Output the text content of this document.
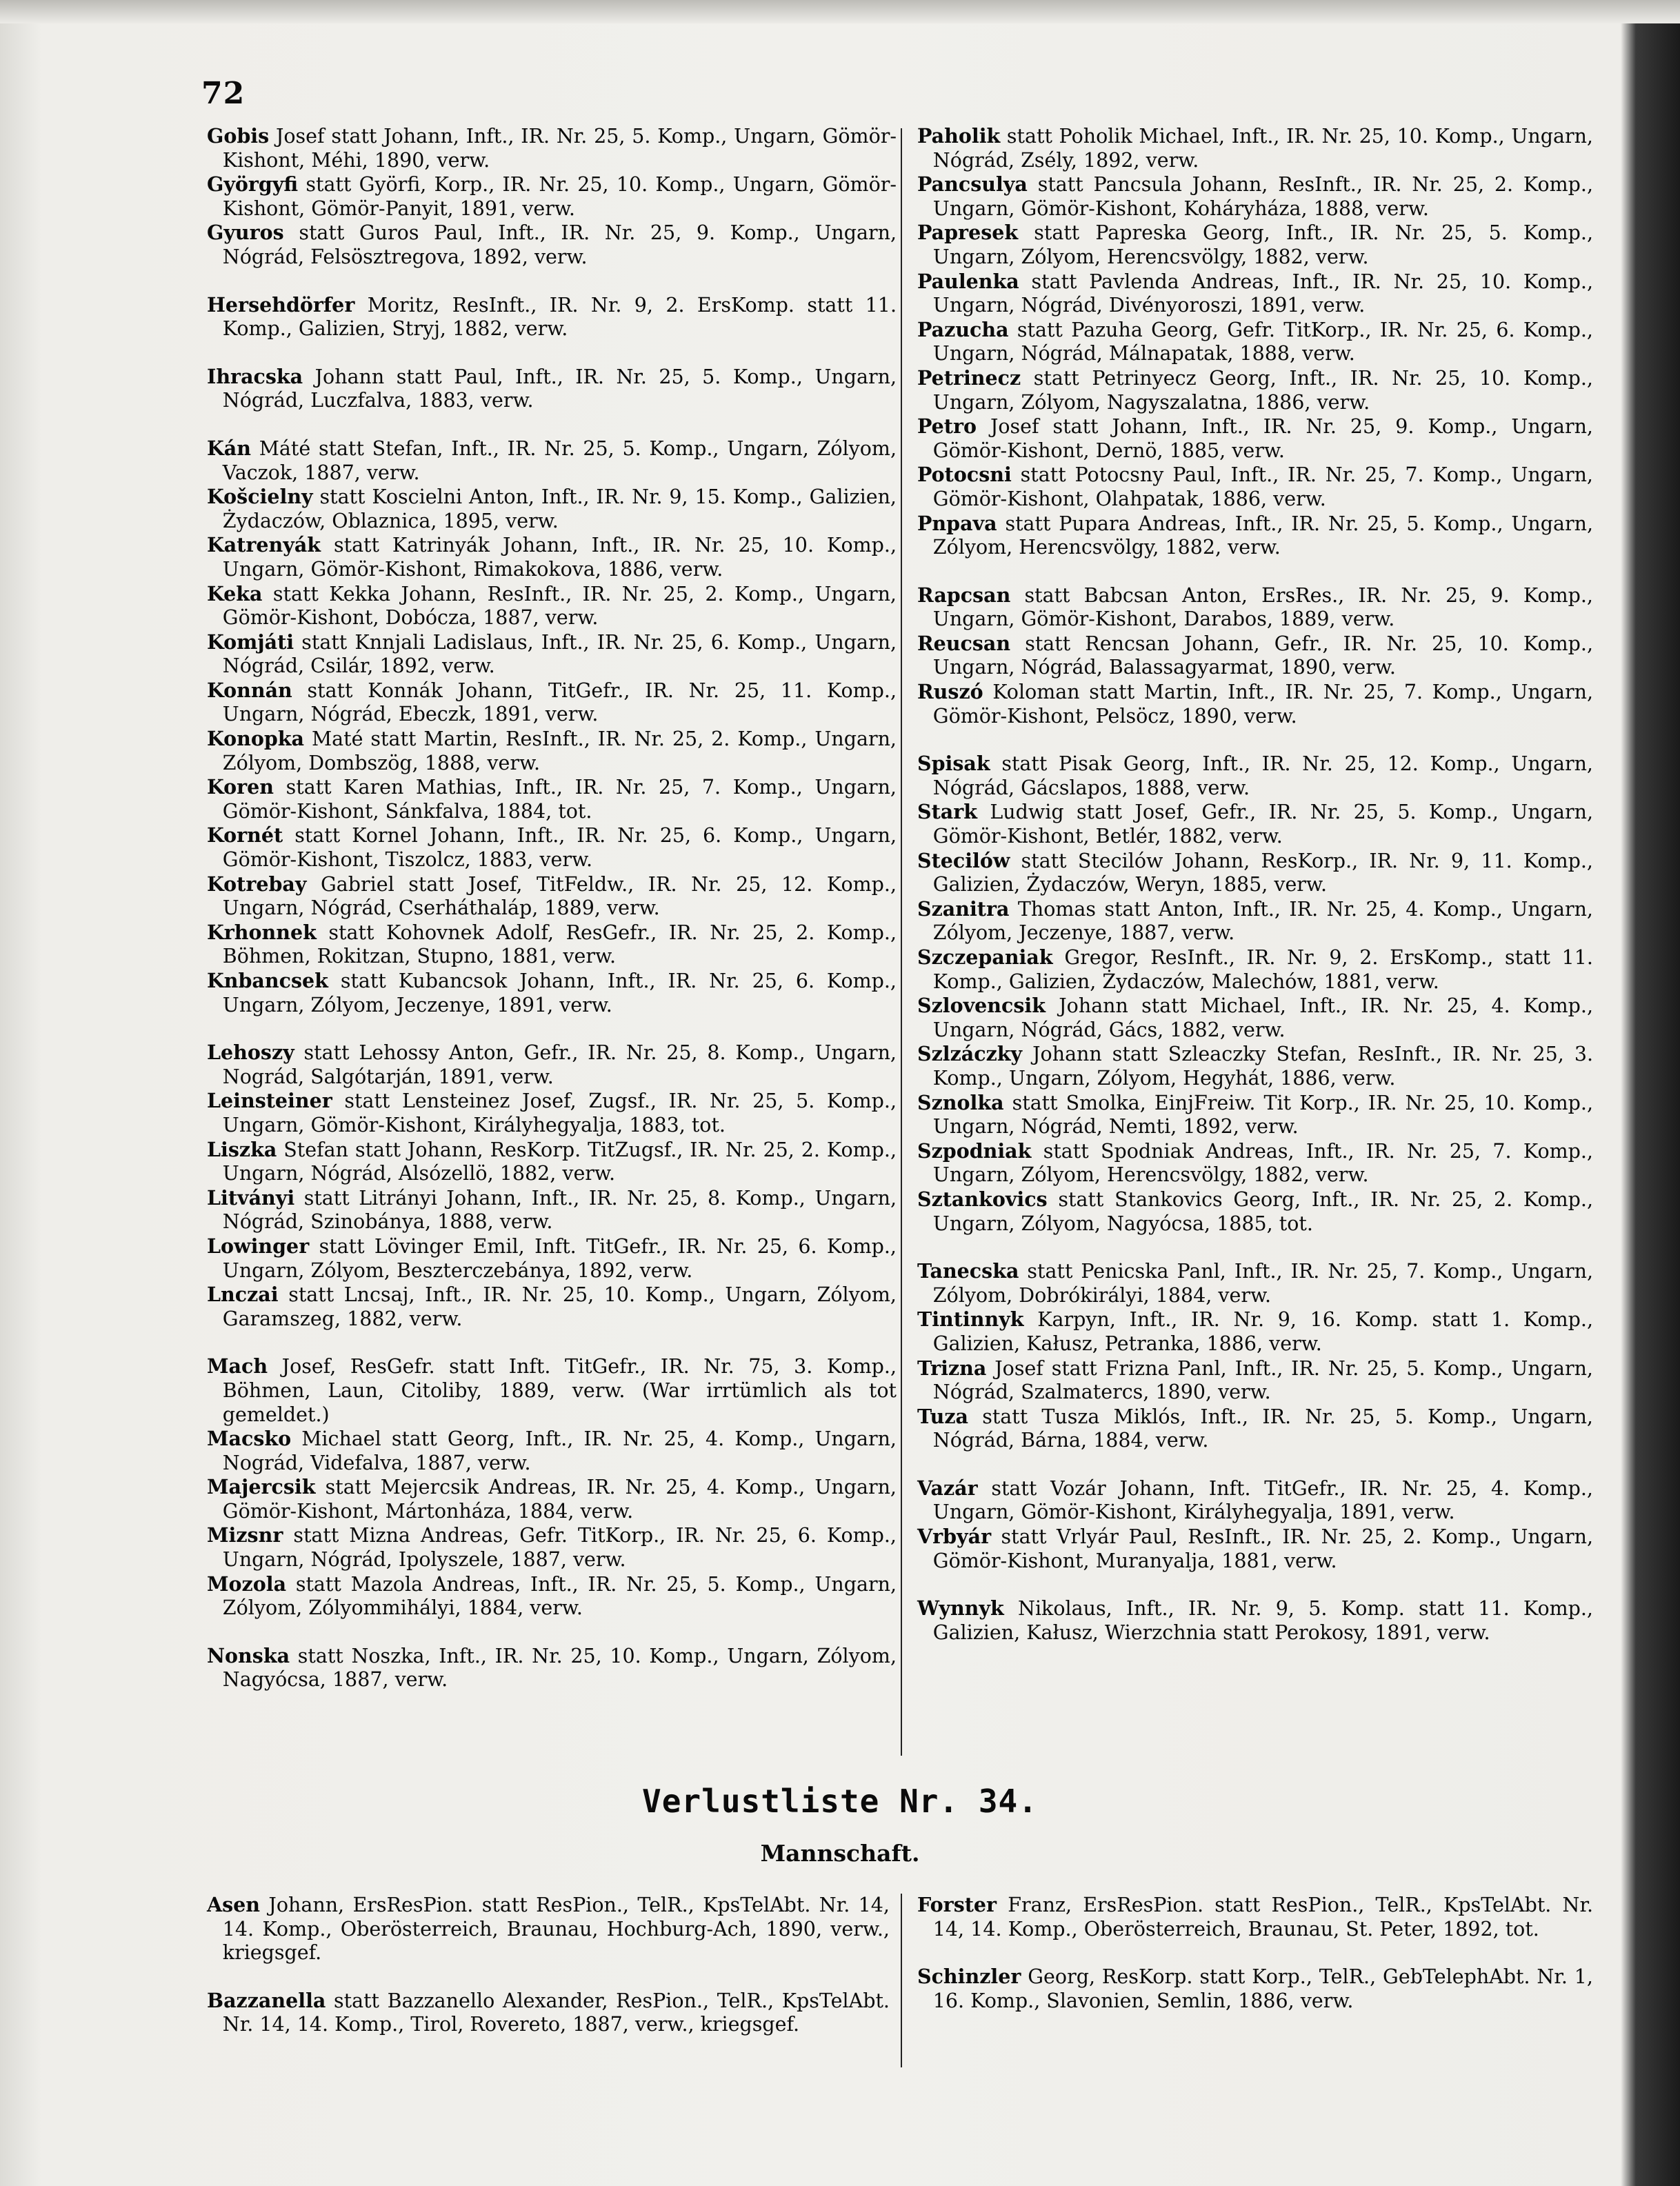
72
Gobis Josef statt Johann, Inft., IR. Nr. 25, 5. Komp., Ungarn, Gömör-Kishont, Méhi, 1890, verw.
Györgyfi statt Györfi, Korp., IR. Nr. 25, 10. Komp., Ungarn, Gömör-Kishont, Gömör-Panyit, 1891, verw.
Gyuros statt Guros Paul, Inft., IR. Nr. 25, 9. Komp., Ungarn, Nógrád, Felsösztregova, 1892, verw.
Hersehdörfer Moritz, ResInft., IR. Nr. 9, 2. ErsKomp. statt 11. Komp., Galizien, Stryj, 1882, verw.
Ihracska Johann statt Paul, Inft., IR. Nr. 25, 5. Komp., Ungarn, Nógrád, Luczfalva, 1883, verw.
Kán Máté statt Stefan, Inft., IR. Nr. 25, 5. Komp., Ungarn, Zólyom, Vaczok, 1887, verw.
Košcielny statt Koscielni Anton, Inft., IR. Nr. 9, 15. Komp., Galizien, Żydaczów, Oblaznica, 1895, verw.
Katrenyák statt Katrinyák Johann, Inft., IR. Nr. 25, 10. Komp., Ungarn, Gömör-Kishont, Rimakokova, 1886, verw.
Keka statt Kekka Johann, ResInft., IR. Nr. 25, 2. Komp., Ungarn, Gömör-Kishont, Dobócza, 1887, verw.
Komjáti statt Knnjali Ladislaus, Inft., IR. Nr. 25, 6. Komp., Ungarn, Nógrád, Csilár, 1892, verw.
Konnán statt Konnák Johann, TitGefr., IR. Nr. 25, 11. Komp., Ungarn, Nógrád, Ebeczk, 1891, verw.
Konopka Maté statt Martin, ResInft., IR. Nr. 25, 2. Komp., Ungarn, Zólyom, Dombszög, 1888, verw.
Koren statt Karen Mathias, Inft., IR. Nr. 25, 7. Komp., Ungarn, Gömör-Kishont, Sánkfalva, 1884, tot.
Kornét statt Kornel Johann, Inft., IR. Nr. 25, 6. Komp., Ungarn, Gömör-Kishont, Tiszolcz, 1883, verw.
Kotrebay Gabriel statt Josef, TitFeldw., IR. Nr. 25, 12. Komp., Ungarn, Nógrád, Cserháthaláp, 1889, verw.
Krhonnek statt Kohovnek Adolf, ResGefr., IR. Nr. 25, 2. Komp., Böhmen, Rokitzan, Stupno, 1881, verw.
Knbancsek statt Kubancsok Johann, Inft., IR. Nr. 25, 6. Komp., Ungarn, Zólyom, Jeczenye, 1891, verw.
Lehoszy statt Lehossy Anton, Gefr., IR. Nr. 25, 8. Komp., Ungarn, Nográd, Salgótarján, 1891, verw.
Leinsteiner statt Lensteinez Josef, Zugsf., IR. Nr. 25, 5. Komp., Ungarn, Gömör-Kishont, Királyhegyalja, 1883, tot.
Liszka Stefan statt Johann, ResKorp. TitZugsf., IR. Nr. 25, 2. Komp., Ungarn, Nógrád, Alsózellö, 1882, verw.
Litványi statt Litrányi Johann, Inft., IR. Nr. 25, 8. Komp., Ungarn, Nógrád, Szinobánya, 1888, verw.
Lowinger statt Lövinger Emil, Inft. TitGefr., IR. Nr. 25, 6. Komp., Ungarn, Zólyom, Beszterczebánya, 1892, verw.
Lnczai statt Lncsaj, Inft., IR. Nr. 25, 10. Komp., Ungarn, Zólyom, Garamszeg, 1882, verw.
Mach Josef, ResGefr. statt Inft. TitGefr., IR. Nr. 75, 3. Komp., Böhmen, Laun, Citoliby, 1889, verw. (War irrtümlich als tot gemeldet.)
Macsko Michael statt Georg, Inft., IR. Nr. 25, 4. Komp., Ungarn, Nográd, Videfalva, 1887, verw.
Majercsik statt Mejercsik Andreas, IR. Nr. 25, 4. Komp., Ungarn, Gömör-Kishont, Mártonháza, 1884, verw.
Mizsnr statt Mizna Andreas, Gefr. TitKorp., IR. Nr. 25, 6. Komp., Ungarn, Nógrád, Ipolyszele, 1887, verw.
Mozola statt Mazola Andreas, Inft., IR. Nr. 25, 5. Komp., Ungarn, Zólyom, Zólyommihályi, 1884, verw.
Nonska statt Noszka, Inft., IR. Nr. 25, 10. Komp., Ungarn, Zólyom, Nagyócsa, 1887, verw.
Paholik statt Poholik Michael, Inft., IR. Nr. 25, 10. Komp., Ungarn, Nógrád, Zsély, 1892, verw.
Pancsulya statt Pancsula Johann, ResInft., IR. Nr. 25, 2. Komp., Ungarn, Gömör-Kishont, Koháryháza, 1888, verw.
Papresek statt Papreska Georg, Inft., IR. Nr. 25, 5. Komp., Ungarn, Zólyom, Herencsvölgy, 1882, verw.
Paulenka statt Pavlenda Andreas, Inft., IR. Nr. 25, 10. Komp., Ungarn, Nógrád, Divényoroszi, 1891, verw.
Pazucha statt Pazuha Georg, Gefr. TitKorp., IR. Nr. 25, 6. Komp., Ungarn, Nógrád, Málnapatak, 1888, verw.
Petrinecz statt Petrinyecz Georg, Inft., IR. Nr. 25, 10. Komp., Ungarn, Zólyom, Nagyszalatna, 1886, verw.
Petro Josef statt Johann, Inft., IR. Nr. 25, 9. Komp., Ungarn, Gömör-Kishont, Dernö, 1885, verw.
Potocsni statt Potocsny Paul, Inft., IR. Nr. 25, 7. Komp., Ungarn, Gömör-Kishont, Olahpatak, 1886, verw.
Pnpava statt Pupara Andreas, Inft., IR. Nr. 25, 5. Komp., Ungarn, Zólyom, Herencsvölgy, 1882, verw.
Rapcsan statt Babcsan Anton, ErsRes., IR. Nr. 25, 9. Komp., Ungarn, Gömör-Kishont, Darabos, 1889, verw.
Reucsan statt Rencsan Johann, Gefr., IR. Nr. 25, 10. Komp., Ungarn, Nógrád, Balassagyarmat, 1890, verw.
Ruszó Koloman statt Martin, Inft., IR. Nr. 25, 7. Komp., Ungarn, Gömör-Kishont, Pelsöcz, 1890, verw.
Spisak statt Pisak Georg, Inft., IR. Nr. 25, 12. Komp., Ungarn, Nógrád, Gácslapos, 1888, verw.
Stark Ludwig statt Josef, Gefr., IR. Nr. 25, 5. Komp., Ungarn, Gömör-Kishont, Betlér, 1882, verw.
Stecilów statt Stecilów Johann, ResKorp., IR. Nr. 9, 11. Komp., Galizien, Żydaczów, Weryn, 1885, verw.
Szanitra Thomas statt Anton, Inft., IR. Nr. 25, 4. Komp., Ungarn, Zólyom, Jeczenye, 1887, verw.
Szczepaniak Gregor, ResInft., IR. Nr. 9, 2. ErsKomp., statt 11. Komp., Galizien, Żydaczów, Malechów, 1881, verw.
Szlovencsik Johann statt Michael, Inft., IR. Nr. 25, 4. Komp., Ungarn, Nógrád, Gács, 1882, verw.
Szlzáczky Johann statt Szleaczky Stefan, ResInft., IR. Nr. 25, 3. Komp., Ungarn, Zólyom, Hegyhát, 1886, verw.
Sznolka statt Smolka, EinjFreiw. Tit Korp., IR. Nr. 25, 10. Komp., Ungarn, Nógrád, Nemti, 1892, verw.
Szpodniak statt Spodniak Andreas, Inft., IR. Nr. 25, 7. Komp., Ungarn, Zólyom, Herencsvölgy, 1882, verw.
Sztankovics statt Stankovics Georg, Inft., IR. Nr. 25, 2. Komp., Ungarn, Zólyom, Nagyócsa, 1885, tot.
Tanecska statt Penicska Panl, Inft., IR. Nr. 25, 7. Komp., Ungarn, Zólyom, Dobrókirályi, 1884, verw.
Tintinnyk Karpyn, Inft., IR. Nr. 9, 16. Komp. statt 1. Komp., Galizien, Kałusz, Petranka, 1886, verw.
Trizna Josef statt Frizna Panl, Inft., IR. Nr. 25, 5. Komp., Ungarn, Nógrád, Szalmatercs, 1890, verw.
Tuza statt Tusza Miklós, Inft., IR. Nr. 25, 5. Komp., Ungarn, Nógrád, Bárna, 1884, verw.
Vazár statt Vozár Johann, Inft. TitGefr., IR. Nr. 25, 4. Komp., Ungarn, Gömör-Kishont, Királyhegyalja, 1891, verw.
Vrbyár statt Vrlyár Paul, ResInft., IR. Nr. 25, 2. Komp., Ungarn, Gömör-Kishont, Muranyalja, 1881, verw.
Wynnyk Nikolaus, Inft., IR. Nr. 9, 5. Komp. statt 11. Komp., Galizien, Kałusz, Wierzchnia statt Perokosy, 1891, verw.
Verlustliste Nr. 34.
Mannschaft.
Asen Johann, ErsResPion. statt ResPion., TelR., KpsTelAbt. Nr. 14, 14. Komp., Oberösterreich, Braunau, Hochburg-Ach, 1890, verw., kriegsgef.
Bazzanella statt Bazzanello Alexander, ResPion., TelR., KpsTelAbt. Nr. 14, 14. Komp., Tirol, Rovereto, 1887, verw., kriegsgef.
Forster Franz, ErsResPion. statt ResPion., TelR., KpsTelAbt. Nr. 14, 14. Komp., Oberösterreich, Braunau, St. Peter, 1892, tot.
Schinzler Georg, ResKorp. statt Korp., TelR., GebTelephAbt. Nr. 1, 16. Komp., Slavonien, Semlin, 1886, verw.
